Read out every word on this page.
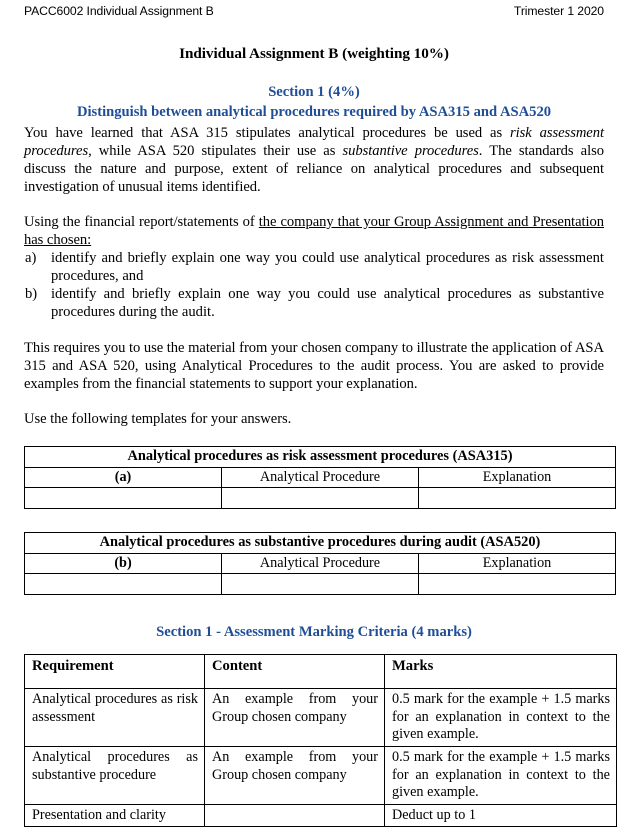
PACC6002 Individual Assignment B	Trimester 1 2020
Individual Assignment B (weighting 10%)
Section 1 (4%)
Distinguish between analytical procedures required by ASA315 and ASA520

You have learned that ASA 315 stipulates analytical procedures be used as risk assessment procedures, while ASA 520 stipulates their use as substantive procedures. The standards also discuss the nature and purpose, extent of reliance on analytical procedures and subsequent investigation of unusual items identified.

Using the financial report/statements of the company that your Group Assignment and Presentation has chosen:

a)	identify and briefly explain one way you could use analytical procedures as risk assessment procedures, and
b) identify and briefly explain one way you could use analytical procedures as substantive procedures during the audit.

This requires you to use the material from your chosen company to illustrate the application of ASA 315 and ASA 520, using Analytical Procedures to the audit process. You are asked to provide examples from the financial statements to support your explanation.

Use the following templates for your answers.

Analytical procedures as risk assessment procedures (ASA315)		
(a)	Analytical Procedure	Explanation

Analytical procedures as substantive procedures during audit (ASA520)		
(b)	Analytical Procedure	Explanation

Section 1 - Assessment Marking Criteria (4 marks)
Requirement	Content	Marks
Analytical procedures as risk assessment	An example from your Group chosen company	0.5 mark for the example + 1.5 marks for an explanation in context to the given example.
Analytical procedures as substantive procedure	An example from your Group chosen company	0.5 mark for the example + 1.5 marks for an explanation in context to the given example.
Presentation and clarity		Deduct up to 1
